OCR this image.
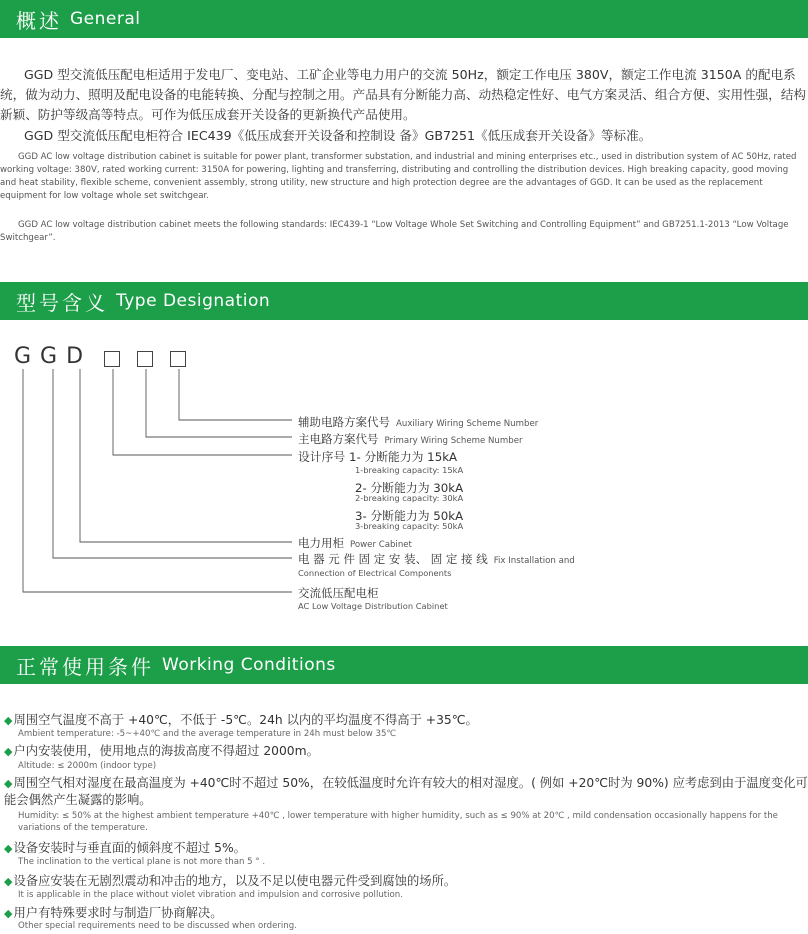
概述 General

GGD 型交流低压配电柜适用于发电厂、变电站、工矿企业等电力用户的交流 50Hz，额定工作电压 380V，额定工作电流 3150A 的配电系统，做为动力、照明及配电设备的电能转换、分配与控制之用。产品具有分断能力高、动热稳定性好、电气方案灵活、组合方便、实用性强，结构新颖、防护等级高等特点。可作为低压成套开关设备的更新换代产品使用。

GGD 型交流低压配电柜符合 IEC439《低压成套开关设备和控制设 备》GB7251《低压成套开关设备》等标准。

GGD AC low voltage distribution cabinet is suitable for power plant, transformer substation, and industrial and mining enterprises etc., used in distribution system of AC 50Hz, rated working voltage: 380V, rated working current: 3150A for powering, lighting and transferring, distributing and controlling the distribution devices. High breaking capacity, good moving and heat stability, flexible scheme, convenient assembly, strong utility, new structure and high protection degree are the advantages of GGD. It can be used as the replacement equipment for low voltage whole set switchgear.

GGD AC low voltage distribution cabinet meets the following standards: IEC439-1 “Low Voltage Whole Set Switching and Controlling Equipment” and GB7251.1-2013 “Low Voltage Switchgear”.

型号含义 Type Designation
GGD
辅助电路方案代号 Auxiliary Wiring Scheme Number
主电路方案代号 Primary Wiring Scheme Number
设计序号 1- 分断能力为 15kA
1-breaking capacity: 15kA
2- 分断能力为 30kA
2-breaking capacity: 30kA
3- 分断能力为 50kA
3-breaking capacity: 50kA
电力用柜 Power Cabinet
电 器 元 件 固 定 安 装、 固 定 接 线 Fix Installation and
Connection of Electrical Components
交流低压配电柜
AC Low Voltage Distribution Cabinet
正常使用条件 Working Conditions
◆周围空气温度不高于 +40℃，不低于 -5℃。24h 以内的平均温度不得高于 +35℃。
Ambient temperature: -5~+40℃ and the average temperature in 24h must below 35℃
◆户内安装使用，使用地点的海拔高度不得超过 2000m。
Altitude: ≤ 2000m (indoor type)
◆周围空气相对湿度在最高温度为 +40℃时不超过 50%，在较低温度时允许有较大的相对湿度。( 例如 +20℃时为 90%) 应考虑到由于温度变化可能会偶然产生凝露的影响。
Humidity: ≤ 50% at the highest ambient temperature +40℃ , lower temperature with higher humidity, such as ≤ 90% at 20℃ , mild condensation occasionally happens for the variations of the temperature.
◆设备安装时与垂直面的倾斜度不超过 5%。
The inclination to the vertical plane is not more than 5 ° .
◆设备应安装在无剧烈震动和冲击的地方，以及不足以使电器元件受到腐蚀的场所。
It is applicable in the place without violet vibration and impulsion and corrosive pollution.
◆用户有特殊要求时与制造厂协商解决。
Other special requirements need to be discussed when ordering.
